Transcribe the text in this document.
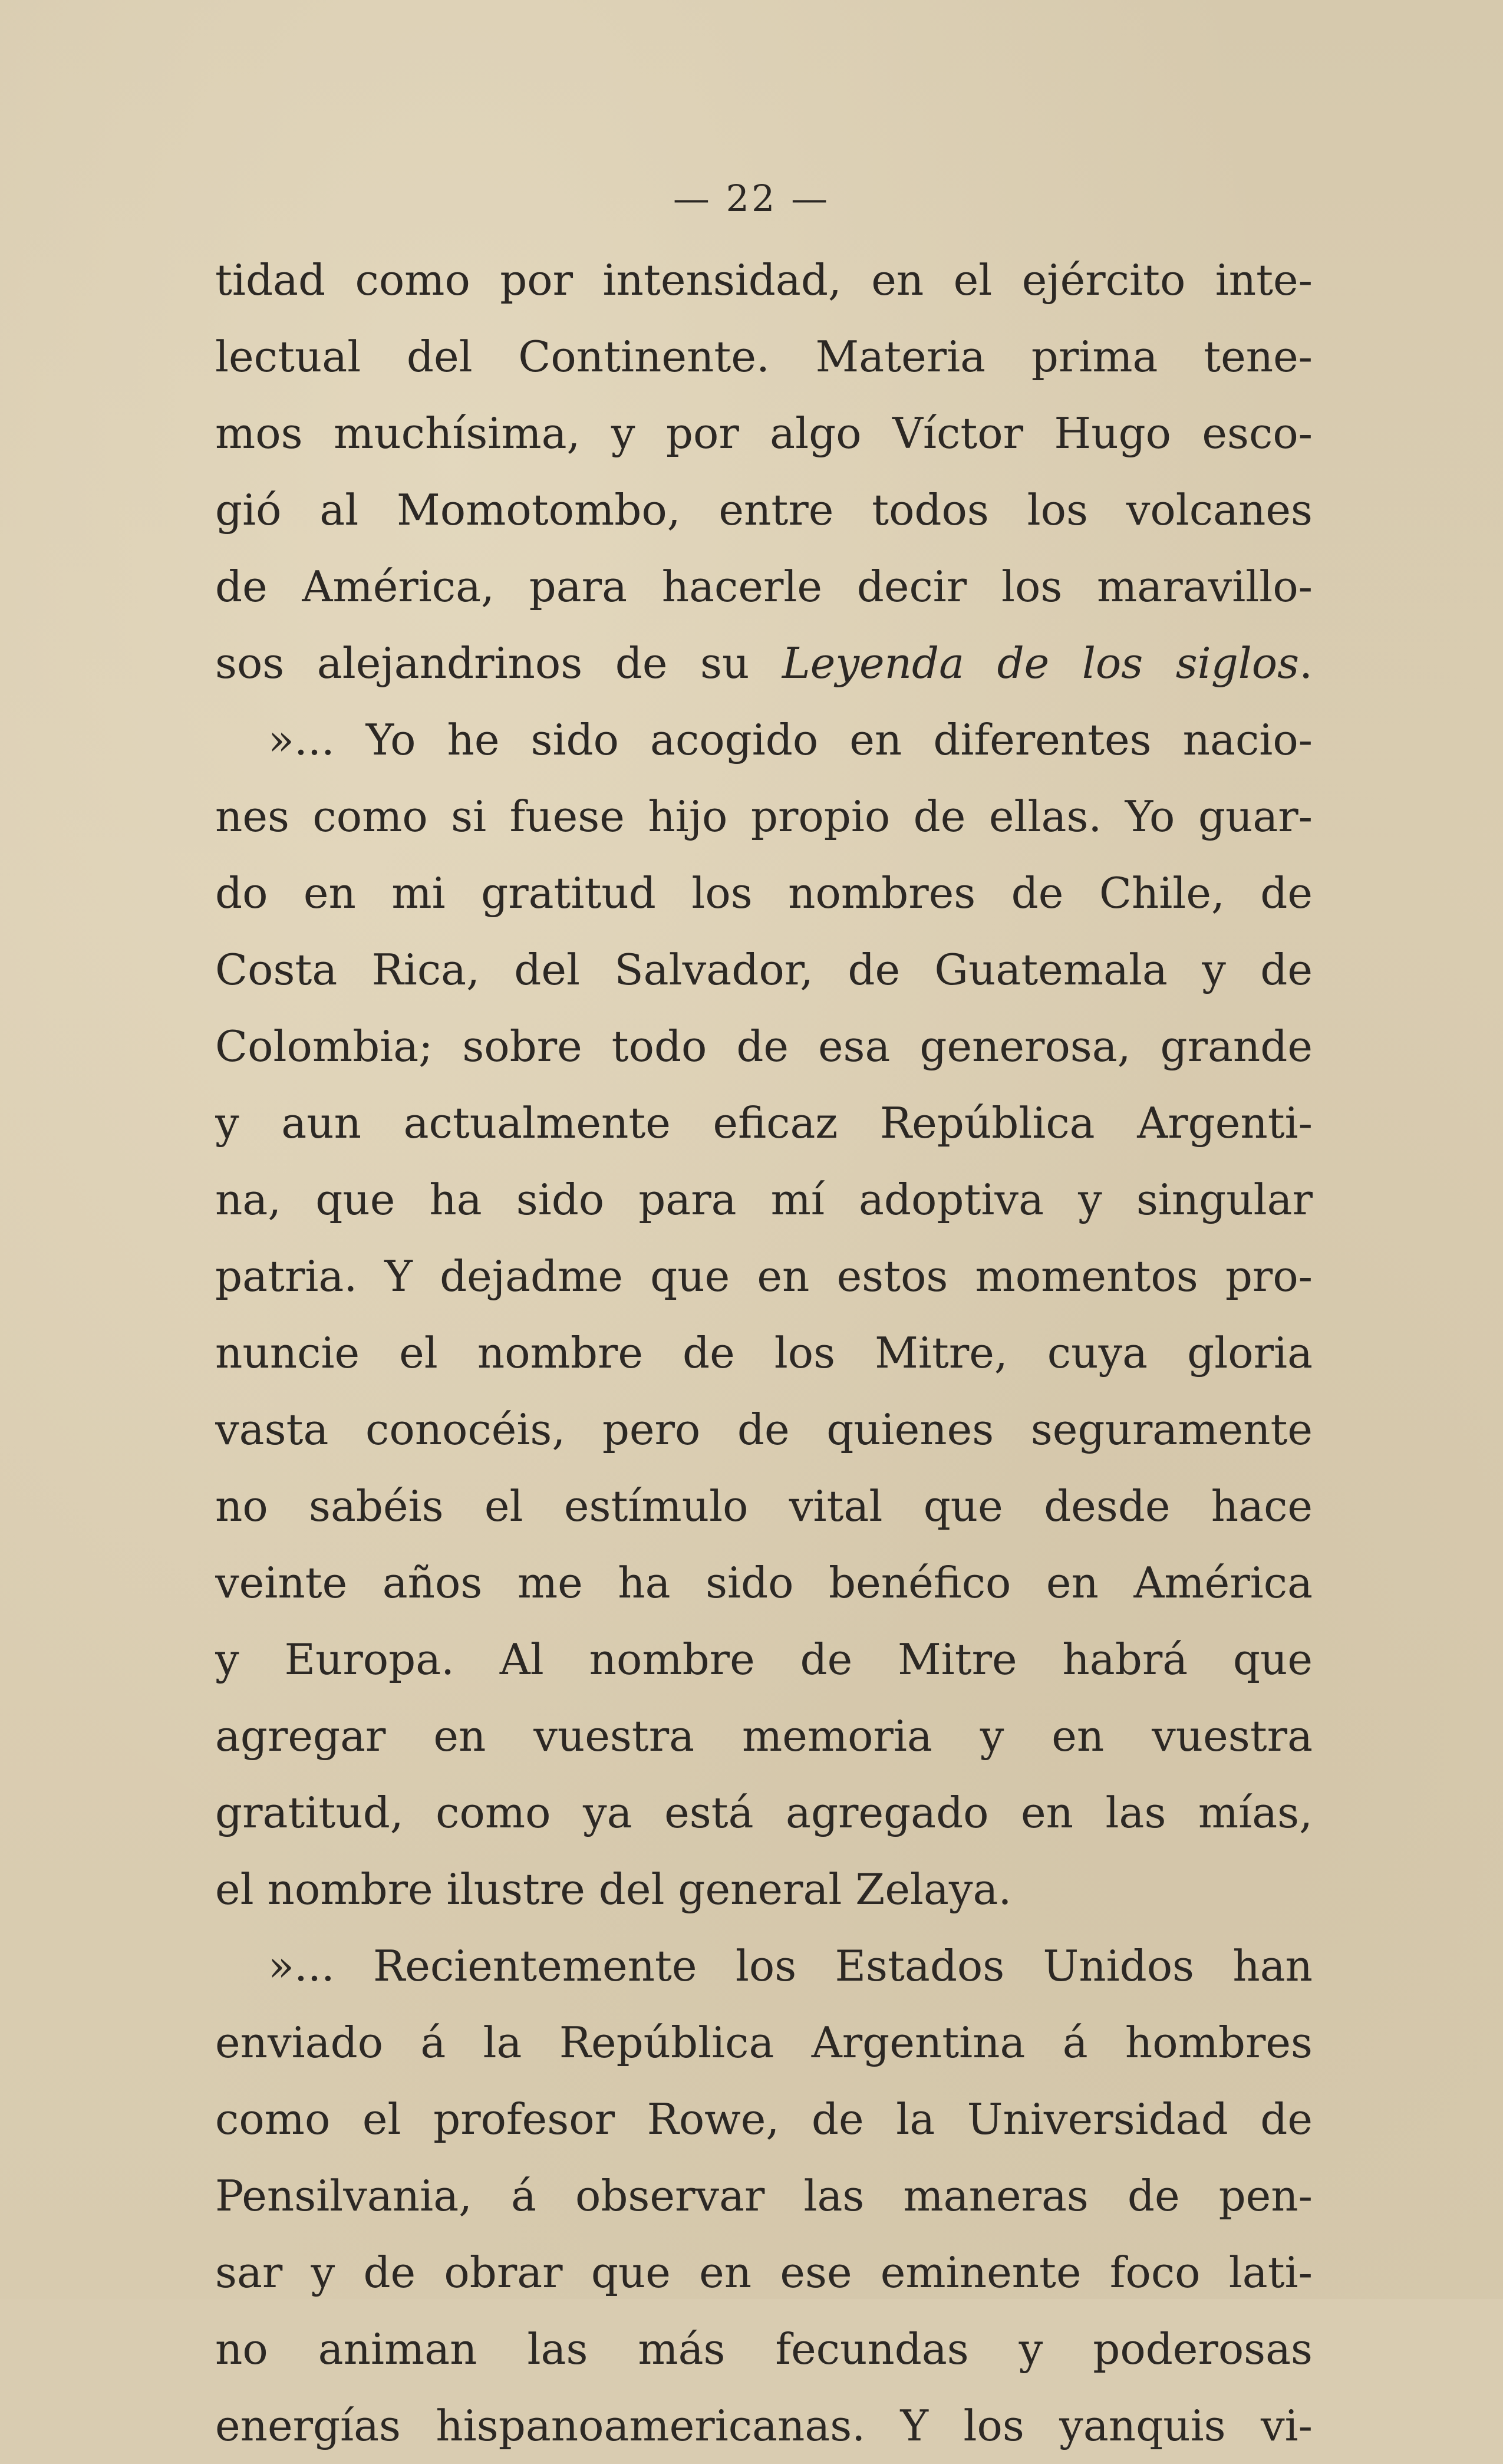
— 22 —
tidad como por intensidad, en el ejército inte-
lectual del Continente. Materia prima tene-
mos muchísima, y por algo Víctor Hugo esco-
gió al Momotombo, entre todos los volcanes
de América, para hacerle decir los maravillo-
sos alejandrinos de su Leyenda de los siglos.
»... Yo he sido acogido en diferentes nacio-
nes como si fuese hijo propio de ellas. Yo guar-
do en mi gratitud los nombres de Chile, de
Costa Rica, del Salvador, de Guatemala y de
Colombia; sobre todo de esa generosa, grande
y aun actualmente eficaz República Argenti-
na, que ha sido para mí adoptiva y singular
patria. Y dejadme que en estos momentos pro-
nuncie el nombre de los Mitre, cuya gloria
vasta conocéis, pero de quienes seguramente
no sabéis el estímulo vital que desde hace
veinte años me ha sido benéfico en América
y Europa. Al nombre de Mitre habrá que
agregar en vuestra memoria y en vuestra
gratitud, como ya está agregado en las mías,
el nombre ilustre del general Zelaya.
»... Recientemente los Estados Unidos han
enviado á la República Argentina á hombres
como el profesor Rowe, de la Universidad de
Pensilvania, á observar las maneras de pen-
sar y de obrar que en ese eminente foco lati-
no animan las más fecundas y poderosas
energías hispanoamericanas. Y los yanquis vi-
